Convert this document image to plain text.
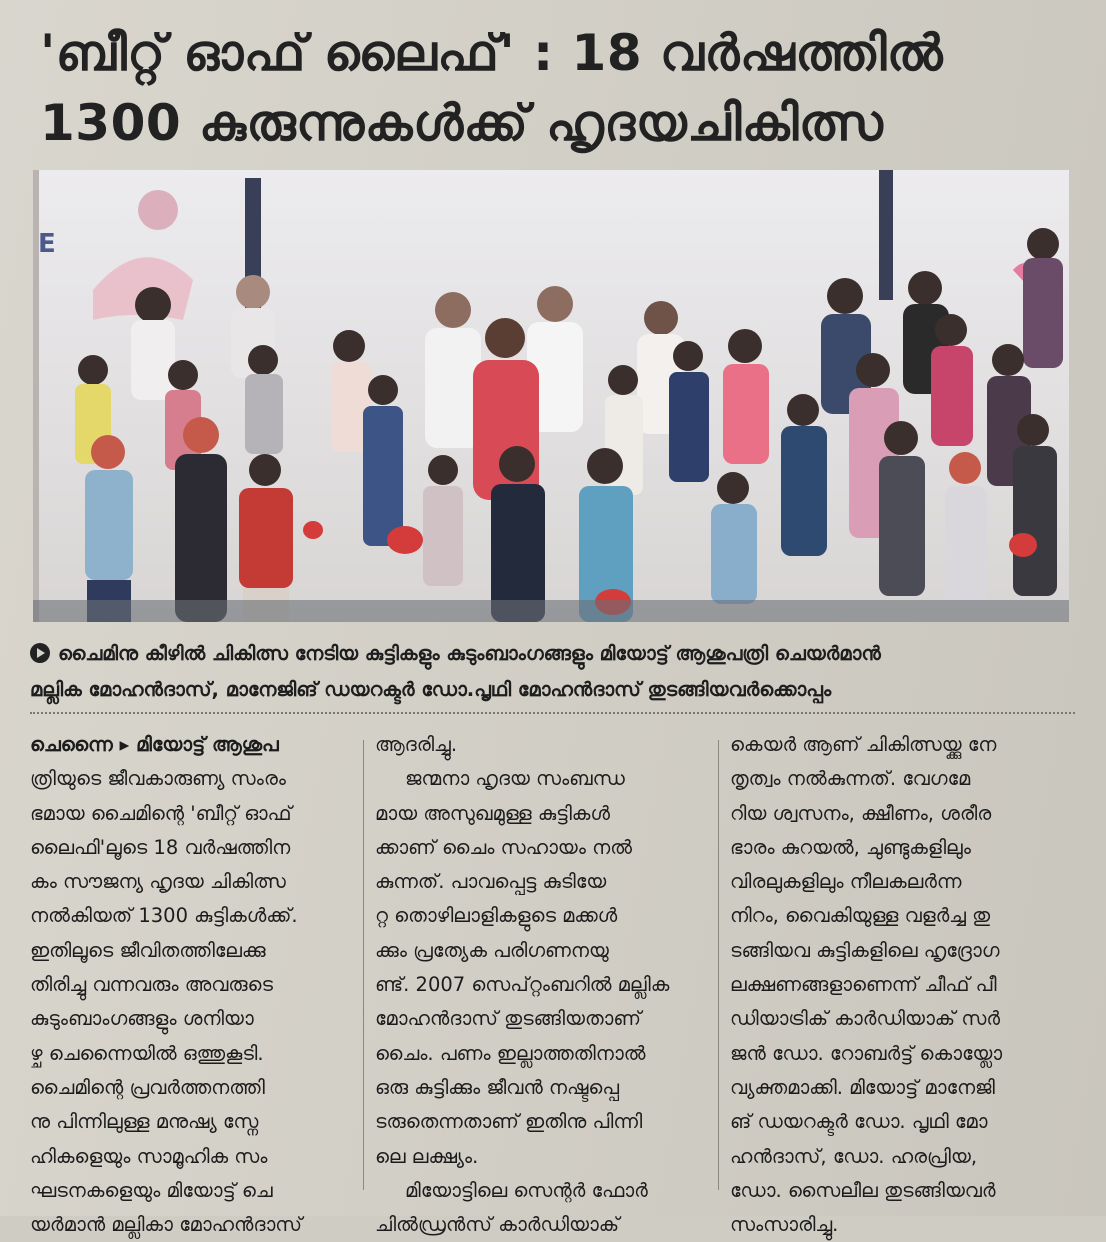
'ബീറ്റ് ഓഫ് ലൈഫ്' : 18 വർഷത്തിൽ
1300 കുരുന്നുകൾക്ക് ഹൃദയചികിത്സ
E
ചൈമിനു കീഴിൽ ചികിത്സ നേടിയ കുട്ടികളും കുടുംബാംഗങ്ങളും മിയോട്ട് ആശുപത്രി ചെയർമാൻ
മല്ലിക മോഹൻദാസ്, മാനേജിങ് ഡയറക്ടർ ഡോ.പൃഥി മോഹൻദാസ് തുടങ്ങിയവർക്കൊപ്പം
ചെന്നൈ ▸ മിയോട്ട് ആശുപ
ത്രിയുടെ ജീവകാരുണ്യ സംരം
ഭമായ ചൈമിന്റെ 'ബീറ്റ് ഓഫ്
ലൈഫി'ലൂടെ 18 വർഷത്തിന
കം സൗജന്യ ഹൃദയ ചികിത്സ
നൽകിയത് 1300 കുട്ടികൾക്ക്.
ഇതിലൂടെ ജീവിതത്തിലേക്കു
തിരിച്ചു വന്നവരും അവരുടെ
കുടുംബാംഗങ്ങളും ശനിയാ
ഴ്ച ചെന്നൈയിൽ ഒത്തുകൂടി.
ചൈമിന്റെ പ്രവർത്തനത്തി
നു പിന്നിലുള്ള മനുഷ്യ സ്നേ
ഹികളെയും സാമൂഹിക സം
ഘടനകളെയും മിയോട്ട് ചെ
യർമാൻ മല്ലികാ മോഹൻദാസ്
ആദരിച്ചു.
ജന്മനാ ഹൃദയ സംബന്ധ
മായ അസുഖമുള്ള കുട്ടികൾ
ക്കാണ് ചൈം സഹായം നൽ
കുന്നത്. പാവപ്പെട്ട കുടിയേ
റ്റ തൊഴിലാളികളുടെ മക്കൾ
ക്കും പ്രത്യേക പരിഗണനയു
ണ്ട്. 2007 സെപ്റ്റംബറിൽ മല്ലിക
മോഹൻദാസ് തുടങ്ങിയതാണ്
ചൈം. പണം ഇല്ലാത്തതിനാൽ
ഒരു കുട്ടിക്കും ജീവൻ നഷ്ടപ്പെ
ടരുതെന്നതാണ് ഇതിനു പിന്നി
ലെ ലക്ഷ്യം.
മിയോട്ടിലെ സെന്റർ ഫോർ
ചിൽഡ്രൻസ് കാർഡിയാക്
കെയർ ആണ് ചികിത്സയ്ക്കു നേ
തൃത്വം നൽകുന്നത്. വേഗമേ
റിയ ശ്വസനം, ക്ഷീണം, ശരീര
ഭാരം കുറയൽ, ചുണ്ടുകളിലും
വിരലുകളിലും നീലകലർന്ന
നിറം, വൈകിയുള്ള വളർച്ച തു
ടങ്ങിയവ കുട്ടികളിലെ ഹൃദ്രോഗ
ലക്ഷണങ്ങളാണെന്ന് ചീഫ് പീ
ഡിയാട്രിക് കാർഡിയാക് സർ
ജൻ ഡോ. റോബർട്ട് കൊയ്ലോ
വ്യക്തമാക്കി. മിയോട്ട് മാനേജി
ങ് ഡയറക്ടർ ഡോ. പൃഥി മോ
ഹൻദാസ്, ഡോ. ഹരപ്രിയ,
ഡോ. സൈലീല തുടങ്ങിയവർ
സംസാരിച്ചു.
